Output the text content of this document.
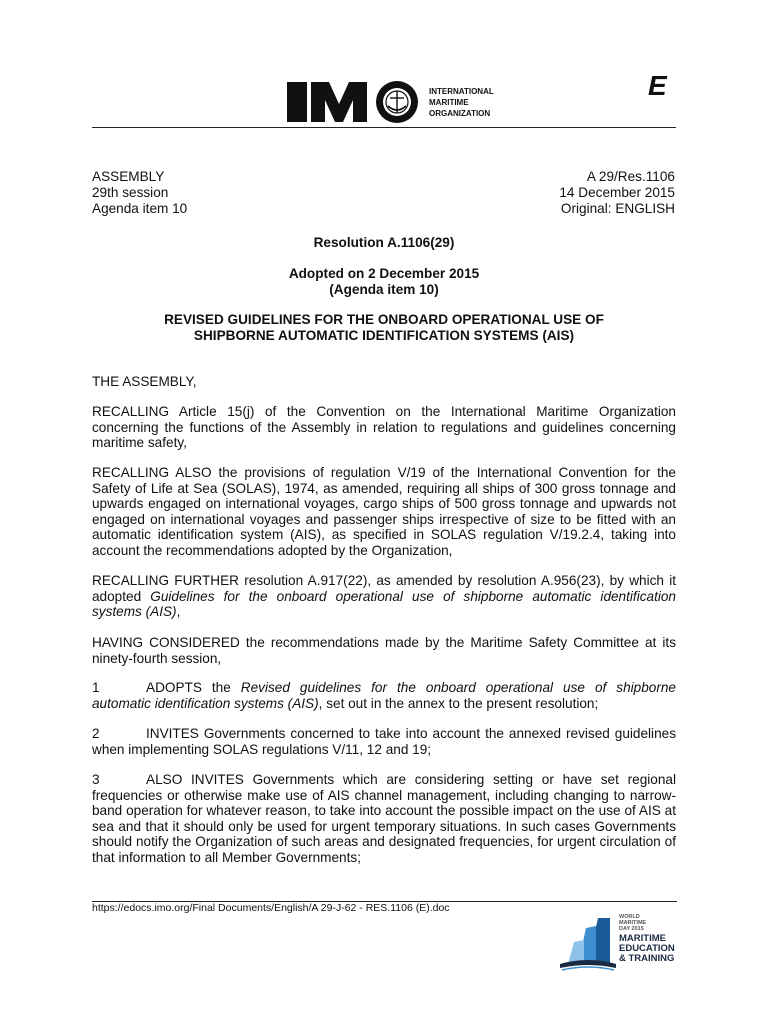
E
INTERNATIONAL
MARITIME
ORGANIZATION
ASSEMBLY
29th session
Agenda item 10
A 29/Res.1106
14 December 2015
Original: ENGLISH
Resolution A.1106(29)
Adopted on 2 December 2015
(Agenda item 10)
REVISED GUIDELINES FOR THE ONBOARD OPERATIONAL USE OF
SHIPBORNE AUTOMATIC IDENTIFICATION SYSTEMS (AIS)
THE ASSEMBLY,
RECALLING Article 15(j) of the Convention on the International Maritime Organization concerning the functions of the Assembly in relation to regulations and guidelines concerning maritime safety,
RECALLING ALSO the provisions of regulation V/19 of the International Convention for the Safety of Life at Sea (SOLAS), 1974, as amended, requiring all ships of 300 gross tonnage and upwards engaged on international voyages, cargo ships of 500 gross tonnage and upwards not engaged on international voyages and passenger ships irrespective of size to be fitted with an automatic identification system (AIS), as specified in SOLAS regulation V/19.2.4, taking into account the recommendations adopted by the Organization,
RECALLING FURTHER resolution A.917(22), as amended by resolution A.956(23), by which it adopted Guidelines for the onboard operational use of shipborne automatic identification systems (AIS),
HAVING CONSIDERED the recommendations made by the Maritime Safety Committee at its ninety-fourth session,
1	ADOPTS the Revised guidelines for the onboard operational use of shipborne automatic identification systems (AIS), set out in the annex to the present resolution;
2	INVITES Governments concerned to take into account the annexed revised guidelines when implementing SOLAS regulations V/11, 12 and 19;
3	ALSO INVITES Governments which are considering setting or have set regional frequencies or otherwise make use of AIS channel management, including changing to narrow-band operation for whatever reason, to take into account the possible impact on the use of AIS at sea and that it should only be used for urgent temporary situations. In such cases Governments should notify the Organization of such areas and designated frequencies, for urgent circulation of that information to all Member Governments;
https://edocs.imo.org/Final Documents/English/A 29-J-62 - RES.1106 (E).doc
WORLD
MARITIME
DAY 2015
MARITIME
EDUCATION
& TRAINING
